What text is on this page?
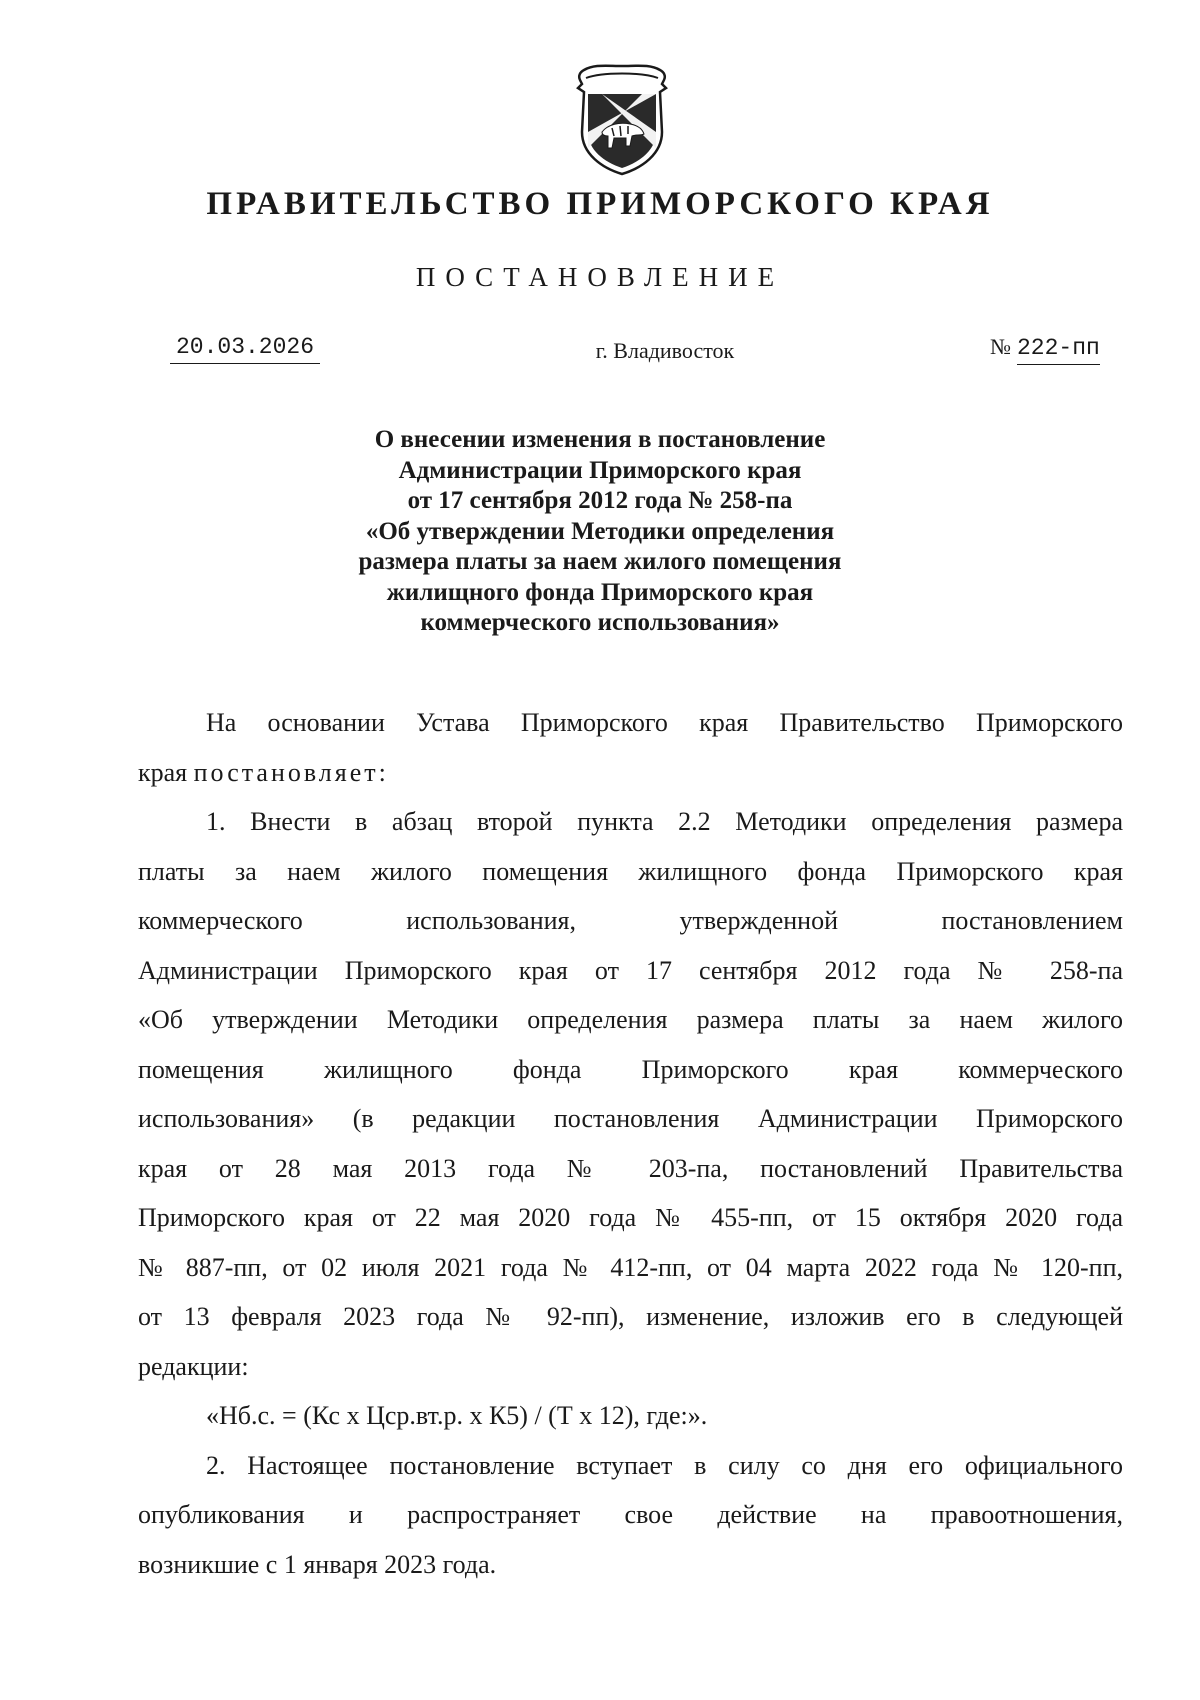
ПРАВИТЕЛЬСТВО ПРИМОРСКОГО КРАЯ
ПОСТАНОВЛЕНИЕ
20.03.2026	г. Владивосток	№ 222-пп
О внесении изменения в постановление
Администрации Приморского края
от 17 сентября 2012 года № 258-па
«Об утверждении Методики определения
размера платы за наем жилого помещения
жилищного фонда Приморского края
коммерческого использования»
На основании Устава Приморского края Правительство Приморского
края постановляет:
1. Внести в абзац второй пункта 2.2 Методики определения размера
платы за наем жилого помещения жилищного фонда Приморского края
коммерческого использования, утвержденной постановлением
Администрации Приморского края от 17 сентября 2012 года № 258-па
«Об утверждении Методики определения размера платы за наем жилого
помещения жилищного фонда Приморского края коммерческого
использования» (в редакции постановления Администрации Приморского
края от 28 мая 2013 года № 203-па, постановлений Правительства
Приморского края от 22 мая 2020 года № 455-пп, от 15 октября 2020 года
№ 887-пп, от 02 июля 2021 года № 412-пп, от 04 марта 2022 года № 120-пп,
от 13 февраля 2023 года № 92-пп), изменение, изложив его в следующей
редакции:
«Нб.с. = (Кс х Цср.вт.р. х К5) / (Т х 12), где:».
2. Настоящее постановление вступает в силу со дня его официального
опубликования и распространяет свое действие на правоотношения,
возникшие с 1 января 2023 года.
